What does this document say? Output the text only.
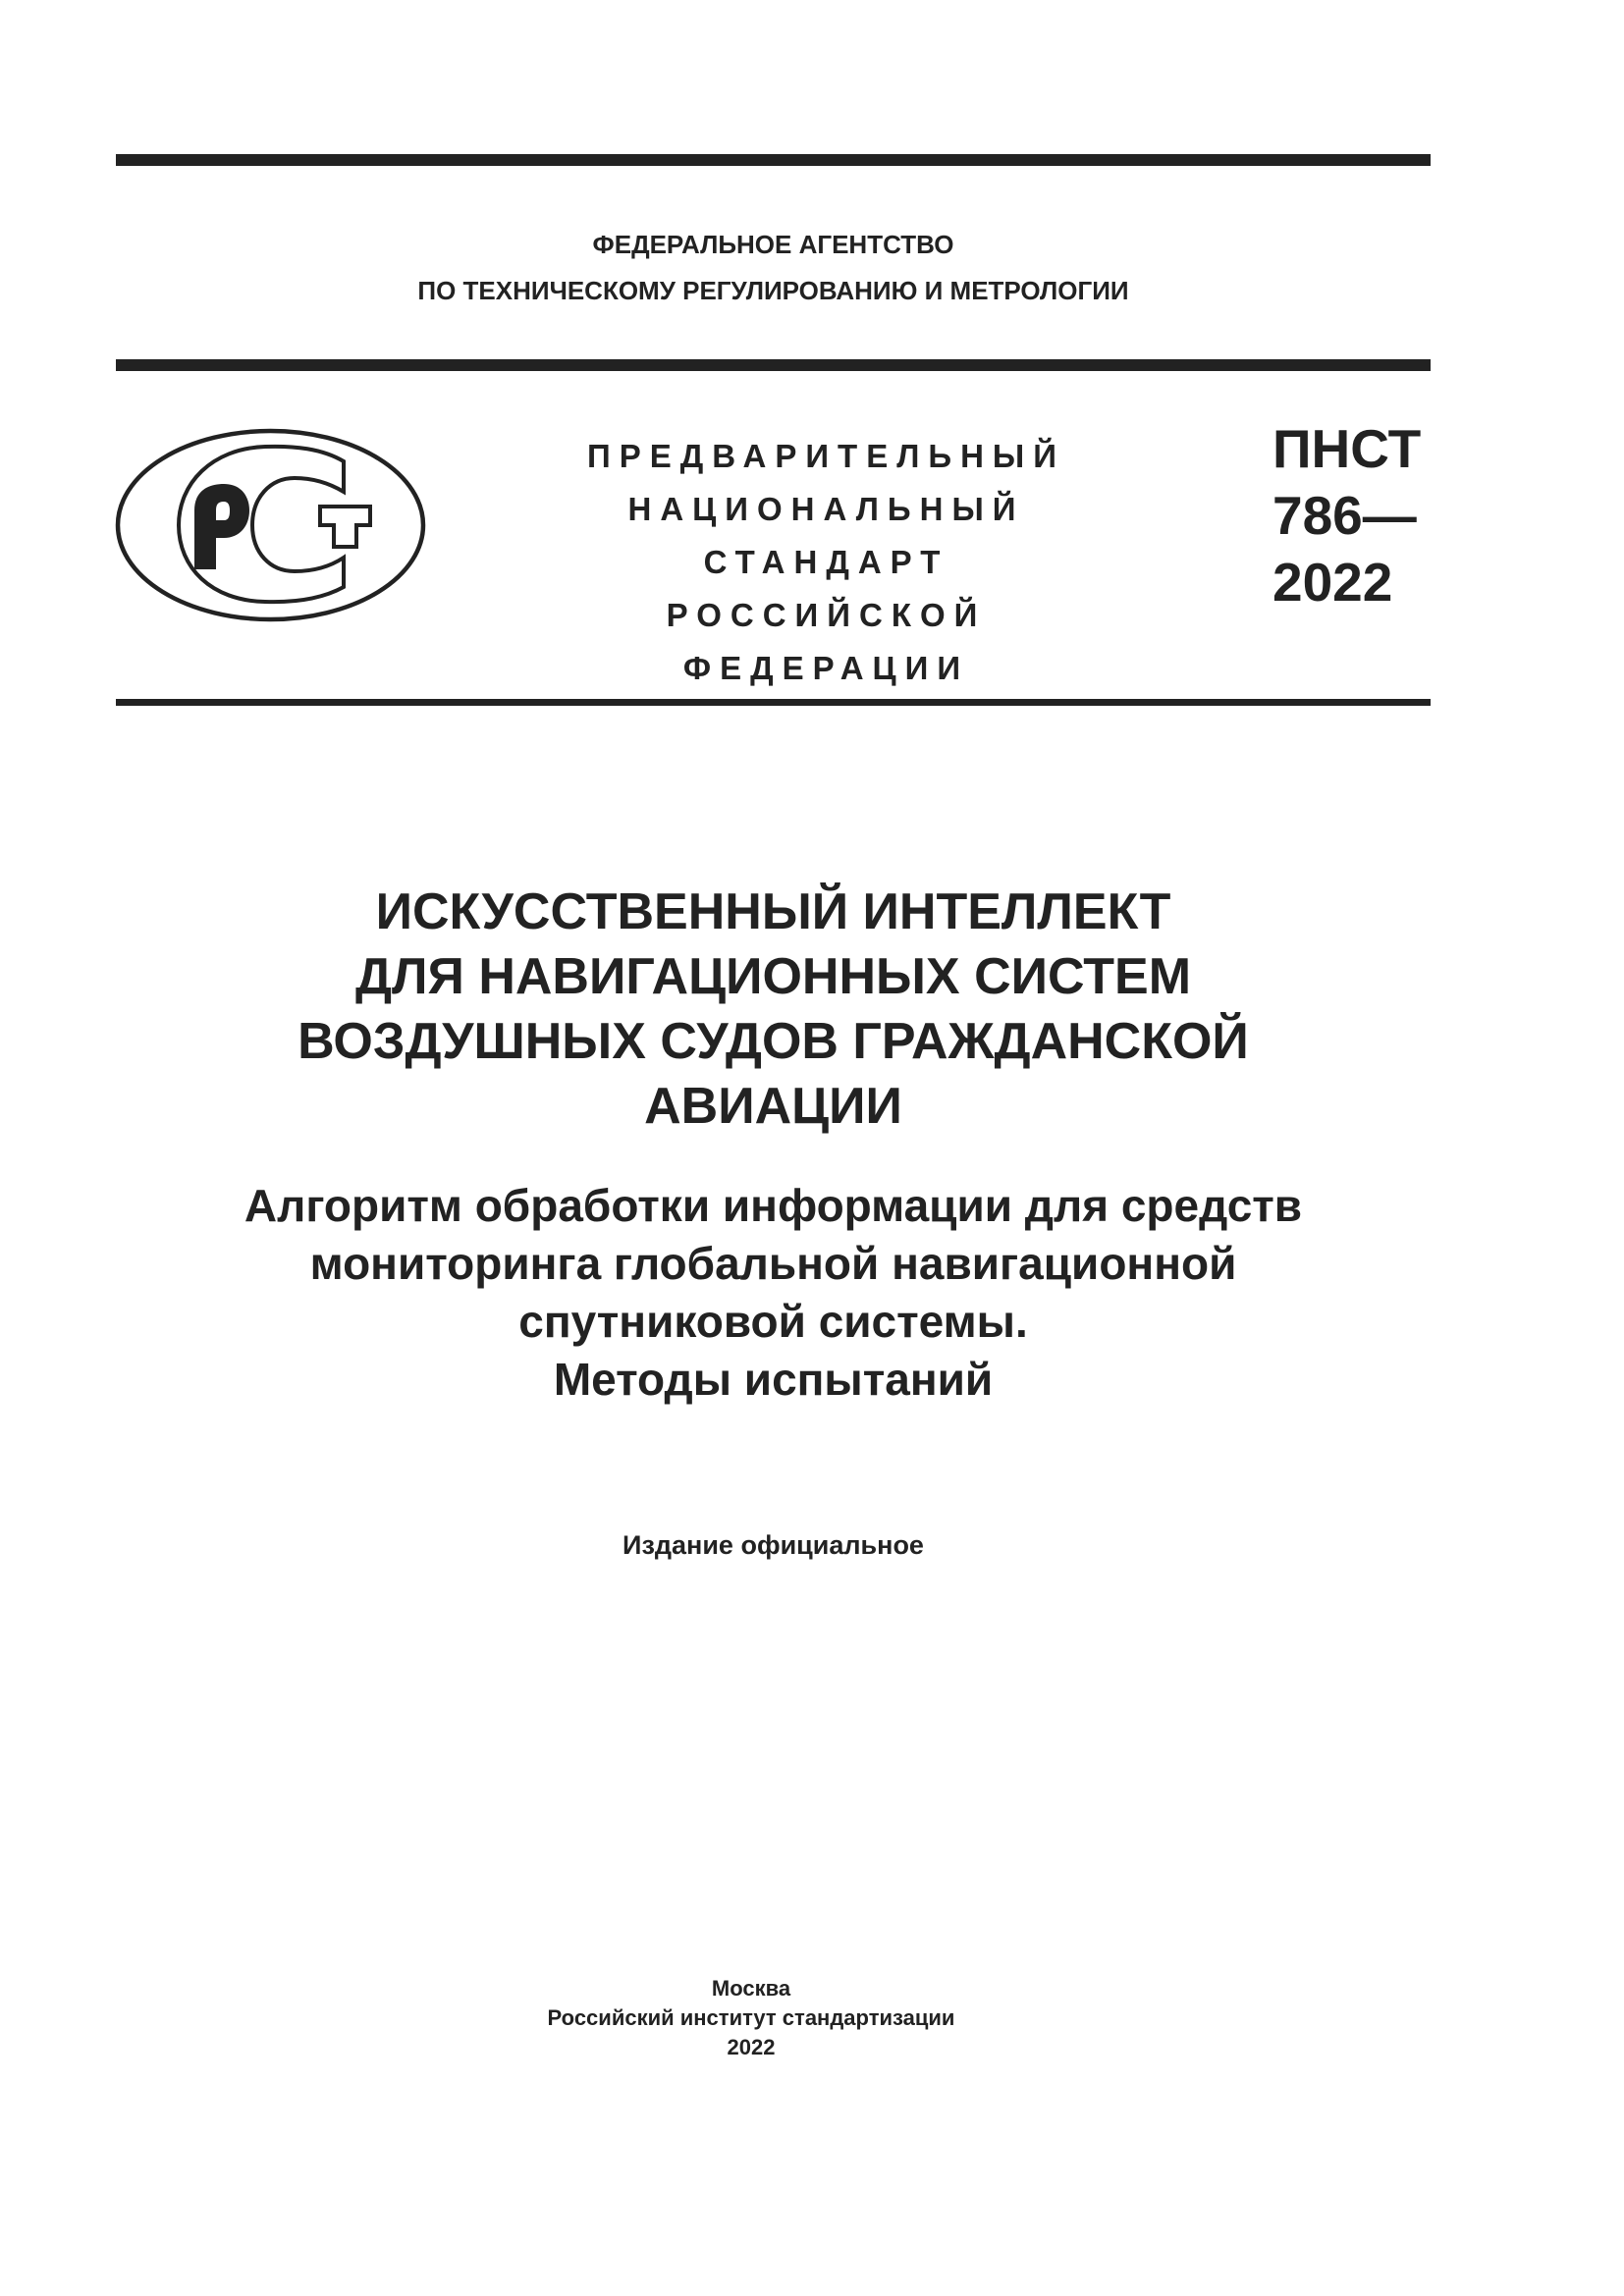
ФЕДЕРАЛЬНОЕ АГЕНТСТВО
ПО ТЕХНИЧЕСКОМУ РЕГУЛИРОВАНИЮ И МЕТРОЛОГИИ
ПРЕДВАРИТЕЛЬНЫЙ
НАЦИОНАЛЬНЫЙ
СТАНДАРТ
РОССИЙСКОЙ
ФЕДЕРАЦИИ
ПНСТ
786—
2022
ИСКУССТВЕННЫЙ ИНТЕЛЛЕКТ
ДЛЯ НАВИГАЦИОННЫХ СИСТЕМ
ВОЗДУШНЫХ СУДОВ ГРАЖДАНСКОЙ
АВИАЦИИ
Алгоритм обработки информации для средств
мониторинга глобальной навигационной
спутниковой системы.
Методы испытаний
Издание официальное
Москва
Российский институт стандартизации
2022
